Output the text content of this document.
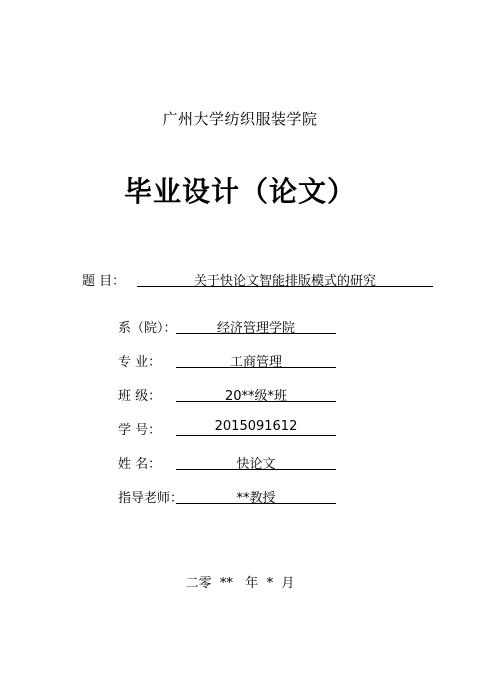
广州大学纺织服装学院
毕业设计（论文）
题 目：	关于快论文智能排版模式的研究
系（院）：	经济管理学院
专 业：	工商管理
班 级：	20**级*班
学 号：	2015091612
姓 名：	快论文
指导老师：	**教授
二零  **   年  *  月
